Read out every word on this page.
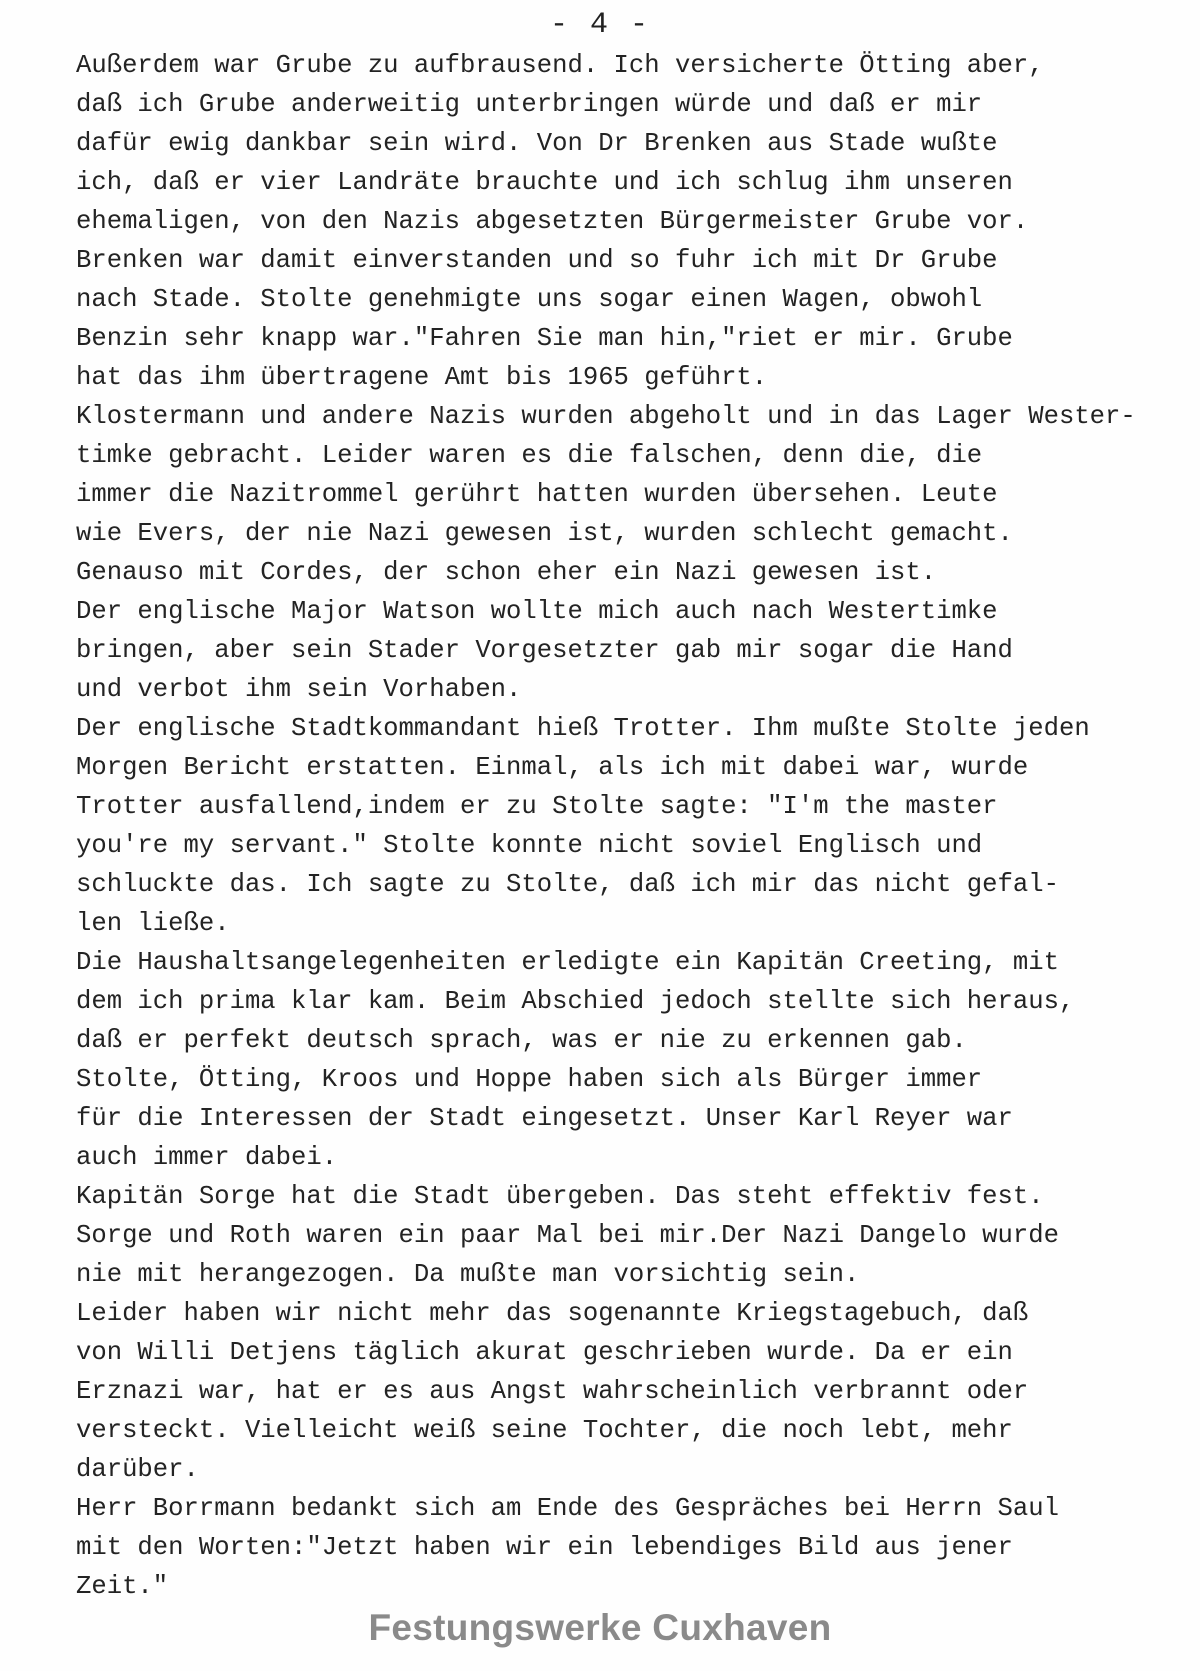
- 4 -
Außerdem war Grube zu aufbrausend. Ich versicherte Ötting aber,
daß ich Grube anderweitig unterbringen würde und daß er mir
dafür ewig dankbar sein wird. Von Dr Brenken aus Stade wußte
ich, daß er vier Landräte brauchte und ich schlug ihm unseren
ehemaligen, von den Nazis abgesetzten Bürgermeister Grube vor.
Brenken war damit einverstanden und so fuhr ich mit Dr Grube
nach Stade. Stolte genehmigte uns sogar einen Wagen, obwohl
Benzin sehr knapp war."Fahren Sie man hin,"riet er mir. Grube
hat das ihm übertragene Amt bis 1965 geführt.
Klostermann und andere Nazis wurden abgeholt und in das Lager Wester-
timke gebracht. Leider waren es die falschen, denn die, die
immer die Nazitrommel gerührt hatten wurden übersehen. Leute
wie Evers, der nie Nazi gewesen ist, wurden schlecht gemacht.
Genauso mit Cordes, der schon eher ein Nazi gewesen ist.
Der englische Major Watson wollte mich auch nach Westertimke
bringen, aber sein Stader Vorgesetzter gab mir sogar die Hand
und verbot ihm sein Vorhaben.
Der englische Stadtkommandant hieß Trotter. Ihm mußte Stolte jeden
Morgen Bericht erstatten. Einmal, als ich mit dabei war, wurde
Trotter ausfallend,indem er zu Stolte sagte: "I'm the master
you're my servant." Stolte konnte nicht soviel Englisch und
schluckte das. Ich sagte zu Stolte, daß ich mir das nicht gefal-
len ließe.
Die Haushaltsangelegenheiten erledigte ein Kapitän Creeting, mit
dem ich prima klar kam. Beim Abschied jedoch stellte sich heraus,
daß er perfekt deutsch sprach, was er nie zu erkennen gab.
Stolte, Ötting, Kroos und Hoppe haben sich als Bürger immer
für die Interessen der Stadt eingesetzt. Unser Karl Reyer war
auch immer dabei.
Kapitän Sorge hat die Stadt übergeben. Das steht effektiv fest.
Sorge und Roth waren ein paar Mal bei mir.Der Nazi Dangelo wurde
nie mit herangezogen. Da mußte man vorsichtig sein.
Leider haben wir nicht mehr das sogenannte Kriegstagebuch, daß
von Willi Detjens täglich akurat geschrieben wurde. Da er ein
Erznazi war, hat er es aus Angst wahrscheinlich verbrannt oder
versteckt. Vielleicht weiß seine Tochter, die noch lebt, mehr
darüber.
Herr Borrmann bedankt sich am Ende des Gespräches bei Herrn Saul
mit den Worten:"Jetzt haben wir ein lebendiges Bild aus jener
Zeit."
Festungswerke Cuxhaven
